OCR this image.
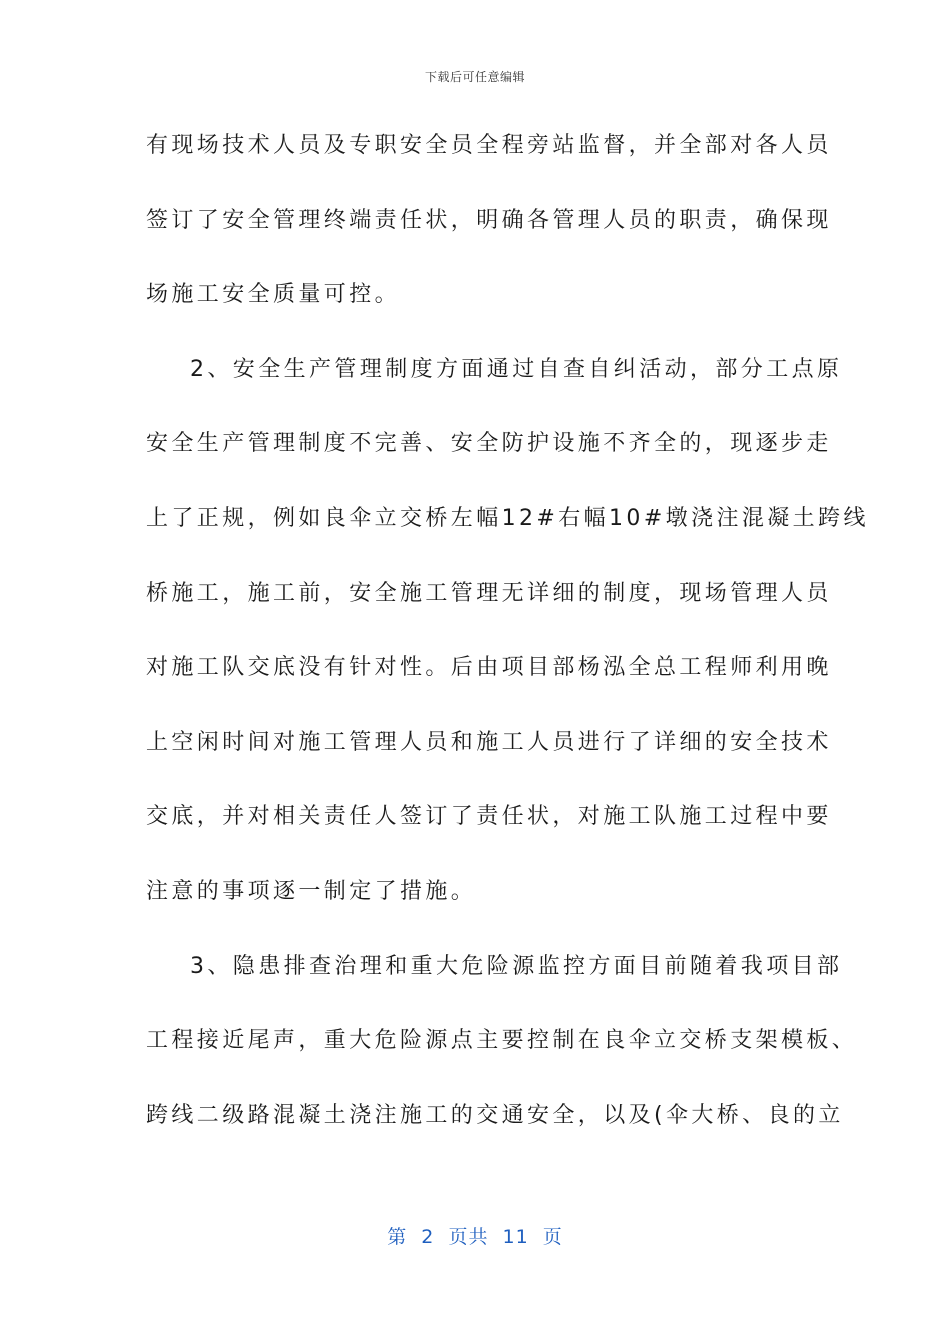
下载后可任意编辑
有现场技术人员及专职安全员全程旁站监督，并全部对各人员
签订了安全管理终端责任状，明确各管理人员的职责，确保现
场施工安全质量可控。
2、安全生产管理制度方面通过自查自纠活动，部分工点原
安全生产管理制度不完善、安全防护设施不齐全的，现逐步走
上了正规，例如良伞立交桥左幅12#右幅10#墩浇注混凝土跨线
桥施工，施工前，安全施工管理无详细的制度，现场管理人员
对施工队交底没有针对性。后由项目部杨泓全总工程师利用晚
上空闲时间对施工管理人员和施工人员进行了详细的安全技术
交底，并对相关责任人签订了责任状，对施工队施工过程中要
注意的事项逐一制定了措施。
3、隐患排查治理和重大危险源监控方面目前随着我项目部
工程接近尾声，重大危险源点主要控制在良伞立交桥支架模板、
跨线二级路混凝土浇注施工的交通安全，以及(伞大桥、良的立
第  2  页共  11  页
